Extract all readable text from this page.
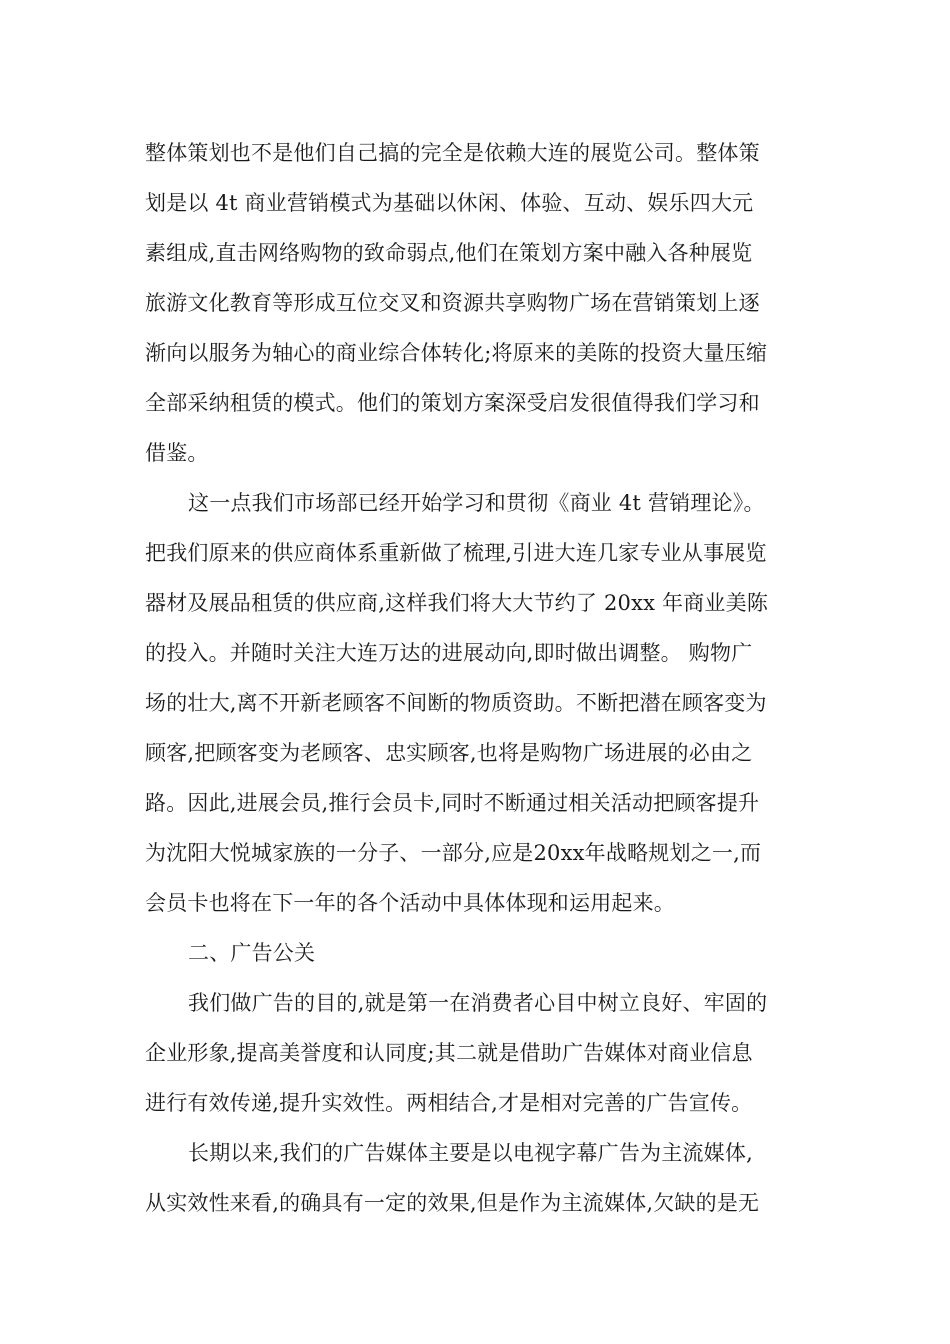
整体策划也不是他们自己搞的完全是依赖大连的展览公司。整体策
划是以 4t 商业营销模式为基础以休闲、体验、互动、娱乐四大元
素组成,直击网络购物的致命弱点,他们在策划方案中融入各种展览
旅游文化教育等形成互位交叉和资源共享购物广场在营销策划上逐
渐向以服务为轴心的商业综合体转化;将原来的美陈的投资大量压缩
全部采纳租赁的模式。他们的策划方案深受启发很值得我们学习和
借鉴。
这一点我们市场部已经开始学习和贯彻《商业 4t 营销理论》。
把我们原来的供应商体系重新做了梳理,引进大连几家专业从事展览
器材及展品租赁的供应商,这样我们将大大节约了 20xx 年商业美陈
的投入。并随时关注大连万达的进展动向,即时做出调整。 购物广
场的壮大,离不开新老顾客不间断的物质资助。不断把潜在顾客变为
顾客,把顾客变为老顾客、忠实顾客,也将是购物广场进展的必由之
路。因此,进展会员,推行会员卡,同时不断通过相关活动把顾客提升
为沈阳大悦城家族的一分子、一部分,应是20xx年战略规划之一,而
会员卡也将在下一年的各个活动中具体体现和运用起来。
二、广告公关
我们做广告的目的,就是第一在消费者心目中树立良好、牢固的
企业形象,提高美誉度和认同度;其二就是借助广告媒体对商业信息
进行有效传递,提升实效性。两相结合,才是相对完善的广告宣传。
长期以来,我们的广告媒体主要是以电视字幕广告为主流媒体,
从实效性来看,的确具有一定的效果,但是作为主流媒体,欠缺的是无
